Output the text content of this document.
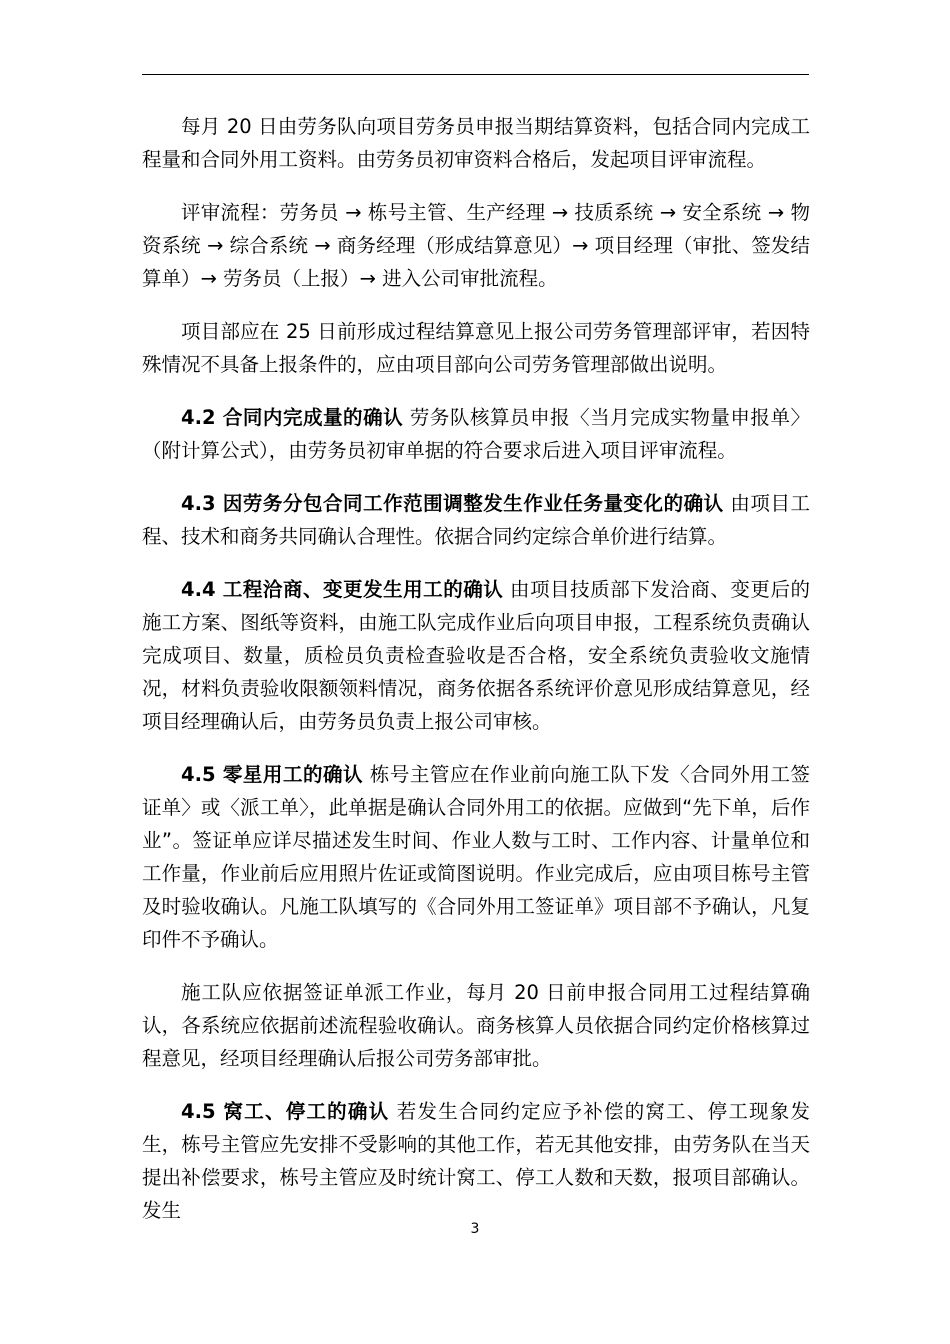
每月 20 日由劳务队向项目劳务员申报当期结算资料，包括合同内完成工程量和合同外用工资料。由劳务员初审资料合格后，发起项目评审流程。

评审流程：劳务员 → 栋号主管、生产经理 → 技质系统 → 安全系统 → 物资系统 → 综合系统 → 商务经理（形成结算意见）→ 项目经理（审批、签发结算单）→ 劳务员（上报）→ 进入公司审批流程。

项目部应在 25 日前形成过程结算意见上报公司劳务管理部评审，若因特殊情况不具备上报条件的，应由项目部向公司劳务管理部做出说明。

4.2 合同内完成量的确认 劳务队核算员申报〈当月完成实物量申报单〉（附计算公式），由劳务员初审单据的符合要求后进入项目评审流程。

4.3 因劳务分包合同工作范围调整发生作业任务量变化的确认 由项目工程、技术和商务共同确认合理性。依据合同约定综合单价进行结算。

4.4 工程洽商、变更发生用工的确认 由项目技质部下发洽商、变更后的施工方案、图纸等资料，由施工队完成作业后向项目申报，工程系统负责确认完成项目、数量，质检员负责检查验收是否合格，安全系统负责验收文施情况，材料负责验收限额领料情况，商务依据各系统评价意见形成结算意见，经项目经理确认后，由劳务员负责上报公司审核。

4.5 零星用工的确认 栋号主管应在作业前向施工队下发〈合同外用工签证单〉或〈派工单〉，此单据是确认合同外用工的依据。应做到“先下单，后作业”。签证单应详尽描述发生时间、作业人数与工时、工作内容、计量单位和工作量，作业前后应用照片佐证或简图说明。作业完成后，应由项目栋号主管及时验收确认。凡施工队填写的《合同外用工签证单》项目部不予确认，凡复印件不予确认。

施工队应依据签证单派工作业，每月 20 日前申报合同用工过程结算确认，各系统应依据前述流程验收确认。商务核算人员依据合同约定价格核算过程意见，经项目经理确认后报公司劳务部审批。

4.5 窝工、停工的确认 若发生合同约定应予补偿的窝工、停工现象发生，栋号主管应先安排不受影响的其他工作，若无其他安排，由劳务队在当天提出补偿要求，栋号主管应及时统计窝工、停工人数和天数，报项目部确认。发生

3
